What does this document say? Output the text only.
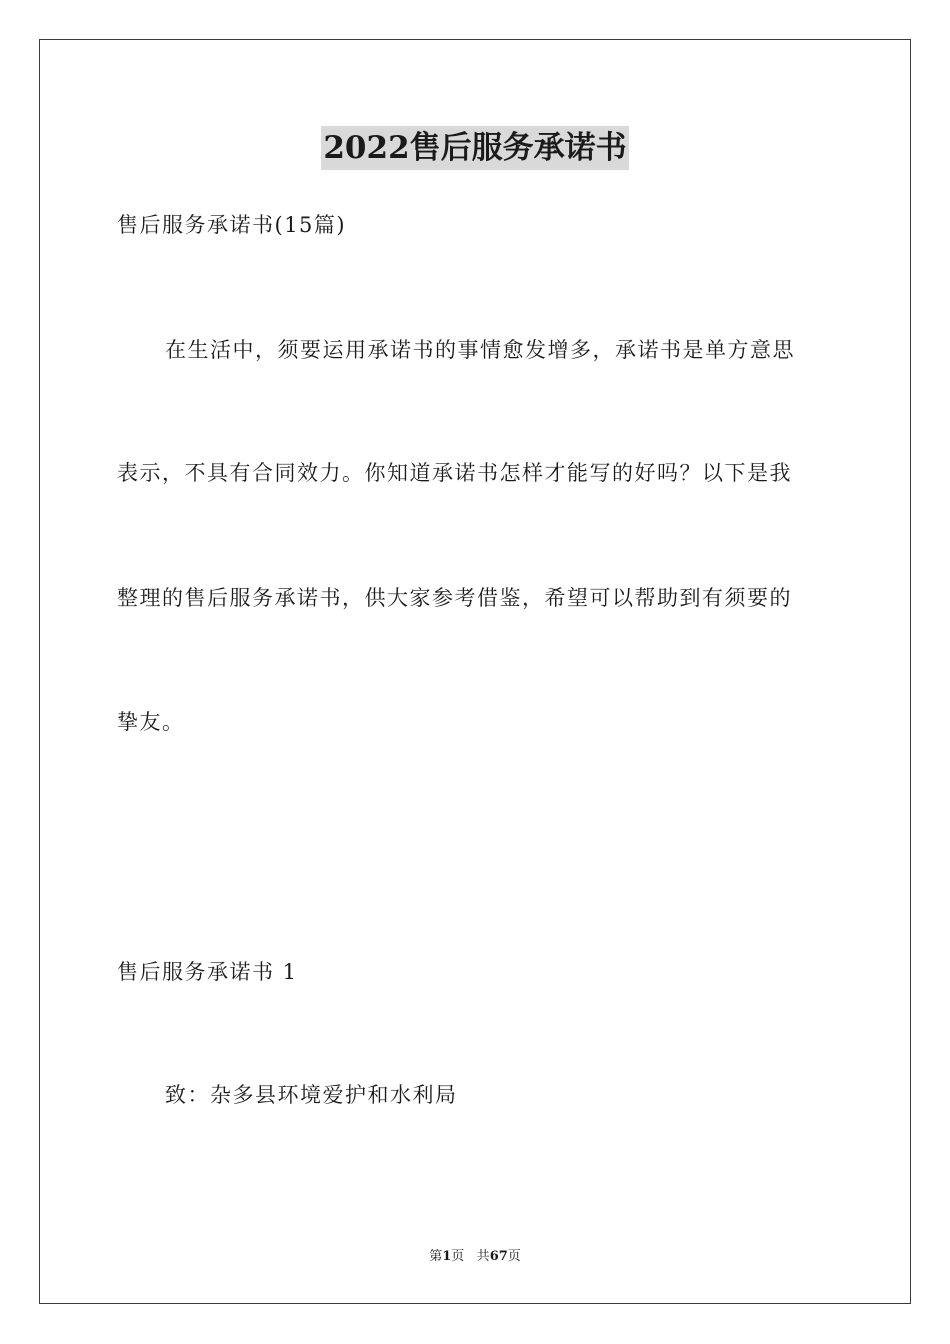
2022售后服务承诺书
售后服务承诺书(15篇)
在生活中，须要运用承诺书的事情愈发增多，承诺书是单方意思
表示，不具有合同效力。你知道承诺书怎样才能写的好吗？以下是我
整理的售后服务承诺书，供大家参考借鉴，希望可以帮助到有须要的
挚友。
售后服务承诺书 1
致：杂多县环境爱护和水利局
第1页 共67页
